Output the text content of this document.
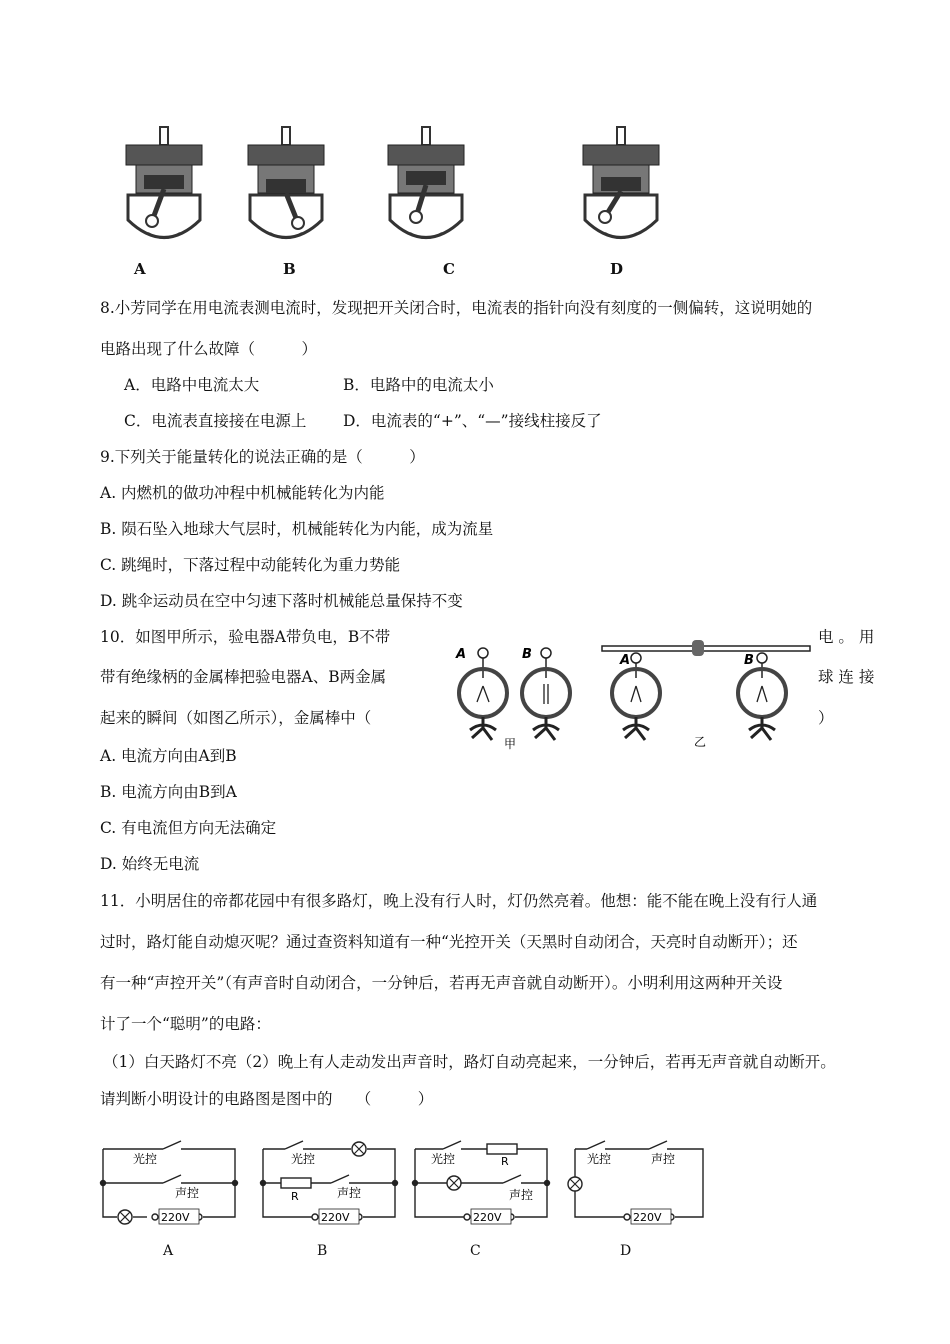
A	B	C	D
8.小芳同学在用电流表测电流时，发现把开关闭合时，电流表的指针向没有刻度的一侧偏转，这说明她的
电路出现了什么故障（　　　）
A．电路中电流太大	B．电路中的电流太小
C．电流表直接接在电源上 D．电流表的“+”、“—”接线柱接反了
9.下列关于能量转化的说法正确的是（　　　）
A. 内燃机的做功冲程中机械能转化为内能
B. 陨石坠入地球大气层时，机械能转化为内能，成为流星
C. 跳绳时，下落过程中动能转化为重力势能
D. 跳伞运动员在空中匀速下落时机械能总量保持不变
10．如图甲所示，验电器A带负电，B不带	电 。 用
带有绝缘柄的金属棒把验电器A、B两金属	球 连 接
起来的瞬间（如图乙所示），金属棒中（	）
A	B
甲
A	B
乙
A. 电流方向由A到B
B. 电流方向由B到A
C. 有电流但方向无法确定
D. 始终无电流
11．小明居住的帝都花园中有很多路灯，晚上没有行人时，灯仍然亮着。他想：能不能在晚上没有行人通
过时，路灯能自动熄灭呢？通过查资料知道有一种“光控开关（天黑时自动闭合，天亮时自动断开）；还
有一种“声控开关”（有声音时自动闭合，一分钟后，若再无声音就自动断开）。小明利用这两种开关设
计了一个“聪明”的电路：
（1）白天路灯不亮（2）晚上有人走动发出声音时，路灯自动亮起来，一分钟后，若再无声音就自动断开。
请判断小明设计的电路图是图中的　　（　　　）
光控
声控
220V
光控
R	声控
220V
光控	R
声控
220V
光控	声控
220V
A	B	C	D
